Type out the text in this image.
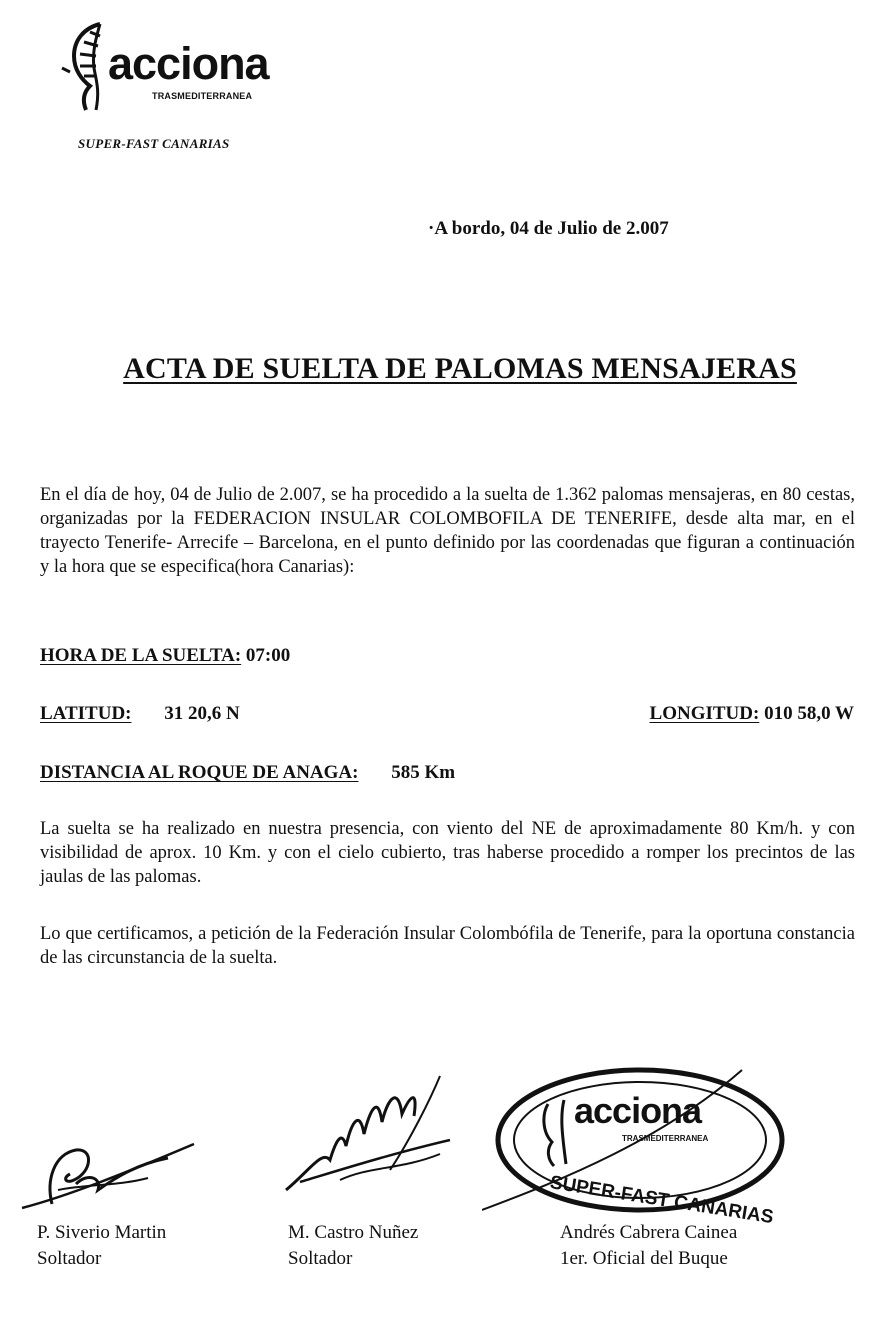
acciona
TRASMEDITERRANEA
SUPER-FAST CANARIAS
·A bordo, 04 de Julio de 2.007
ACTA DE SUELTA DE PALOMAS MENSAJERAS
En el día de hoy, 04 de Julio de 2.007, se ha procedido a la suelta de 1.362 palomas mensajeras, en 80 cestas, organizadas por la FEDERACION INSULAR COLOMBOFILA DE TENERIFE, desde alta mar, en el trayecto Tenerife- Arrecife – Barcelona, en el punto definido por las coordenadas que figuran a continuación y la hora que se especifica(hora Canarias):
HORA DE LA SUELTA: 07:00
LATITUD: 31 20,6 N	LONGITUD: 010 58,0 W
DISTANCIA AL ROQUE DE ANAGA: 585 Km
La suelta se ha realizado en nuestra presencia, con viento del NE de aproximadamente 80 Km/h. y con visibilidad de aprox. 10 Km. y con el cielo cubierto, tras haberse procedido a romper los precintos de las jaulas de las palomas.
Lo que certificamos, a petición de la Federación Insular Colombófila de Tenerife, para la oportuna constancia de las circunstancia de la suelta.
acciona
TRASMEDITERRANEA
SUPER-FAST CANARIAS
P. Siverio Martin
Soltador
M. Castro Nuñez
Soltador
Andrés Cabrera Cainea
1er. Oficial del Buque
